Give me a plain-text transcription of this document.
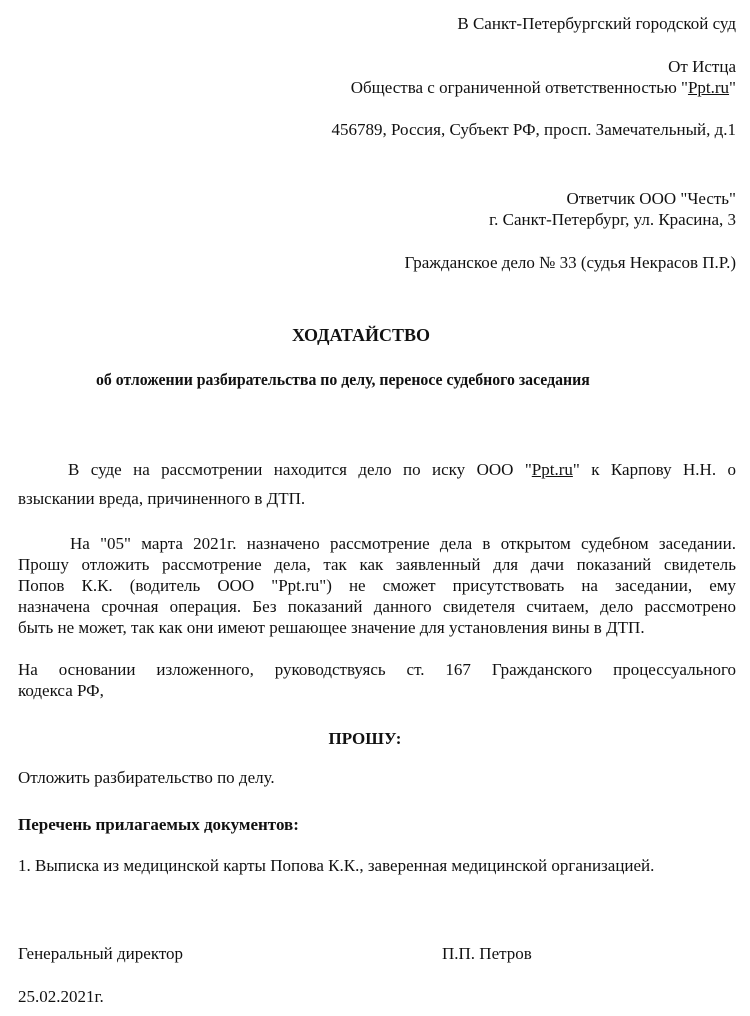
В Санкт-Петербургский городской суд
От Истца
Общества с ограниченной ответственностью "Ppt.ru"
456789, Россия, Субъект РФ, просп. Замечательный, д.1
Ответчик ООО "Честь"
г. Санкт-Петербург, ул. Красина, 3
Гражданское дело № 33 (судья Некрасов П.Р.)
ХОДАТАЙСТВО
об отложении разбирательства по делу, переносе судебного заседания
В суде на рассмотрении находится дело по иску ООО "Ppt.ru" к Карпову Н.Н. о
взыскании вреда, причиненного в ДТП.
На "05" марта 2021г. назначено рассмотрение дела в открытом судебном заседании.
Прошу отложить рассмотрение дела, так как заявленный для дачи показаний свидетель
Попов К.К. (водитель ООО "Ppt.ru") не сможет присутствовать на заседании, ему
назначена срочная операция. Без показаний данного свидетеля считаем, дело рассмотрено
быть не может, так как они имеют решающее значение для установления вины в ДТП.
На основании изложенного, руководствуясь ст. 167 Гражданского процессуального
кодекса РФ,
ПРОШУ:
Отложить разбирательство по делу.
Перечень прилагаемых документов:
1. Выписка из медицинской карты Попова К.К., заверенная медицинской организацией.
Генеральный директор	П.П. Петров
25.02.2021г.
